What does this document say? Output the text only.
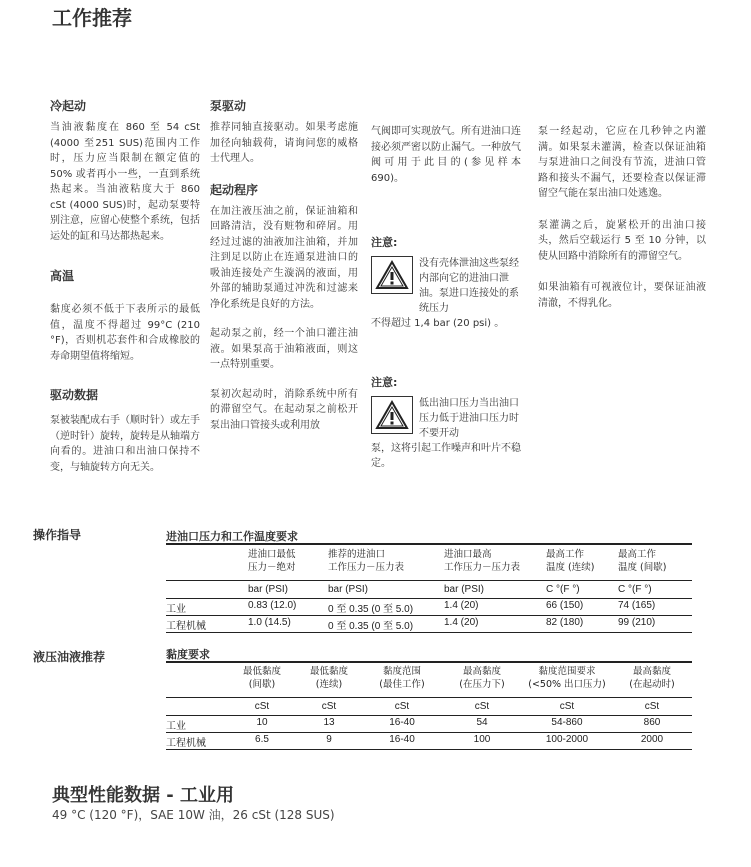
工作推荐
冷起动

当油液黏度在 860 至 54 cSt (4000 至251 SUS)范围内工作时，压力应当限制在额定值的 50% 或者再小一些，一直到系统热起来。当油液粘度大于 860 cSt (4000 SUS)时，起动泵要特别注意，应留心使整个系统，包括运处的缸和马达都热起来。

高温

黏度必须不低于下表所示的最低值，温度不得超过 99°C (210 °F)，否则机芯套件和合成橡胶的寿命期望值将缩短。

驱动数据

泵被装配成右手（顺时针）或左手（逆时针）旋转，旋转是从轴端方向看的。进油口和出油口保持不变，与轴旋转方向无关。

泵驱动

推荐同轴直接驱动。如果考虑施加径向轴载荷，请询问您的威格士代理人。

起动程序

在加注液压油之前，保证油箱和回路清洁，没有赃物和碎屑。用经过过滤的油液加注油箱，并加注到足以防止在连通泵进油口的吸油连接处产生漩涡的液面，用外部的辅助泵通过冲洗和过滤来净化系统是良好的方法。

起动泵之前，经一个油口灌注油液。如果泵高于油箱液面，则这一点特别重要。

泵初次起动时，消除系统中所有的滞留空气。在起动泵之前松开泵出油口管接头或利用放

气阀即可实现放气。所有进油口连接必须严密以防止漏气。一种放气阀可用于此目的(参见样本 690)。

注意:
没有壳体泄油这些泵经内部向它的进油口泄油。泵进口连接处的系统压力
不得超过 1,4 bar (20 psi) 。
注意:
低出油口压力当出油口压力低于进油口压力时不要开动
泵，这将引起工作噪声和叶片不稳定。

泵一经起动，它应在几秒钟之内灌满。如果泵未灌满，检查以保证油箱与泵进油口之间没有节流，进油口管路和接头不漏气，还要检查以保证滞留空气能在泵出油口处逃逸。

泵灌满之后，旋紧松开的出油口接头，然后空载运行 5 至 10 分钟，以使从回路中消除所有的滞留空气。

如果油箱有可视液位计，要保证油液清澈，不得乳化。

操作指导	进油口压力和工作温度要求
	进油口最低
压力－绝对	推荐的进油口
工作压力－压力表	进油口最高
工作压力－压力表	最高工作
温度 (连续)	最高工作
温度 (间歇)

	bar (PSI)	bar (PSI)	bar (PSI)	C °(F °)	C °(F °)
工业	0.83 (12.0)	0 至 0.35 (0 至 5.0)	1.4 (20)	66 (150)	74 (165)
工程机械	1.0 (14.5)	0 至 0.35 (0 至 5.0)	1.4 (20)	82 (180)	99 (210)
液压油液推荐	黏度要求
	最低黏度
(间歇)	最低黏度
(连续)	黏度范围
(最佳工作)	最高黏度
(在压力下)	黏度范围要求
(<50% 出口压力)	最高黏度
(在起动时)

	cSt	cSt	cSt	cSt	cSt	cSt
工业	10	13	16-40	54	54-860	860
工程机械	6.5	9	16-40	100	100-2000	2000
典型性能数据 - 工业用
49 °C (120 °F)，SAE 10W 油，26 cSt (128 SUS)
